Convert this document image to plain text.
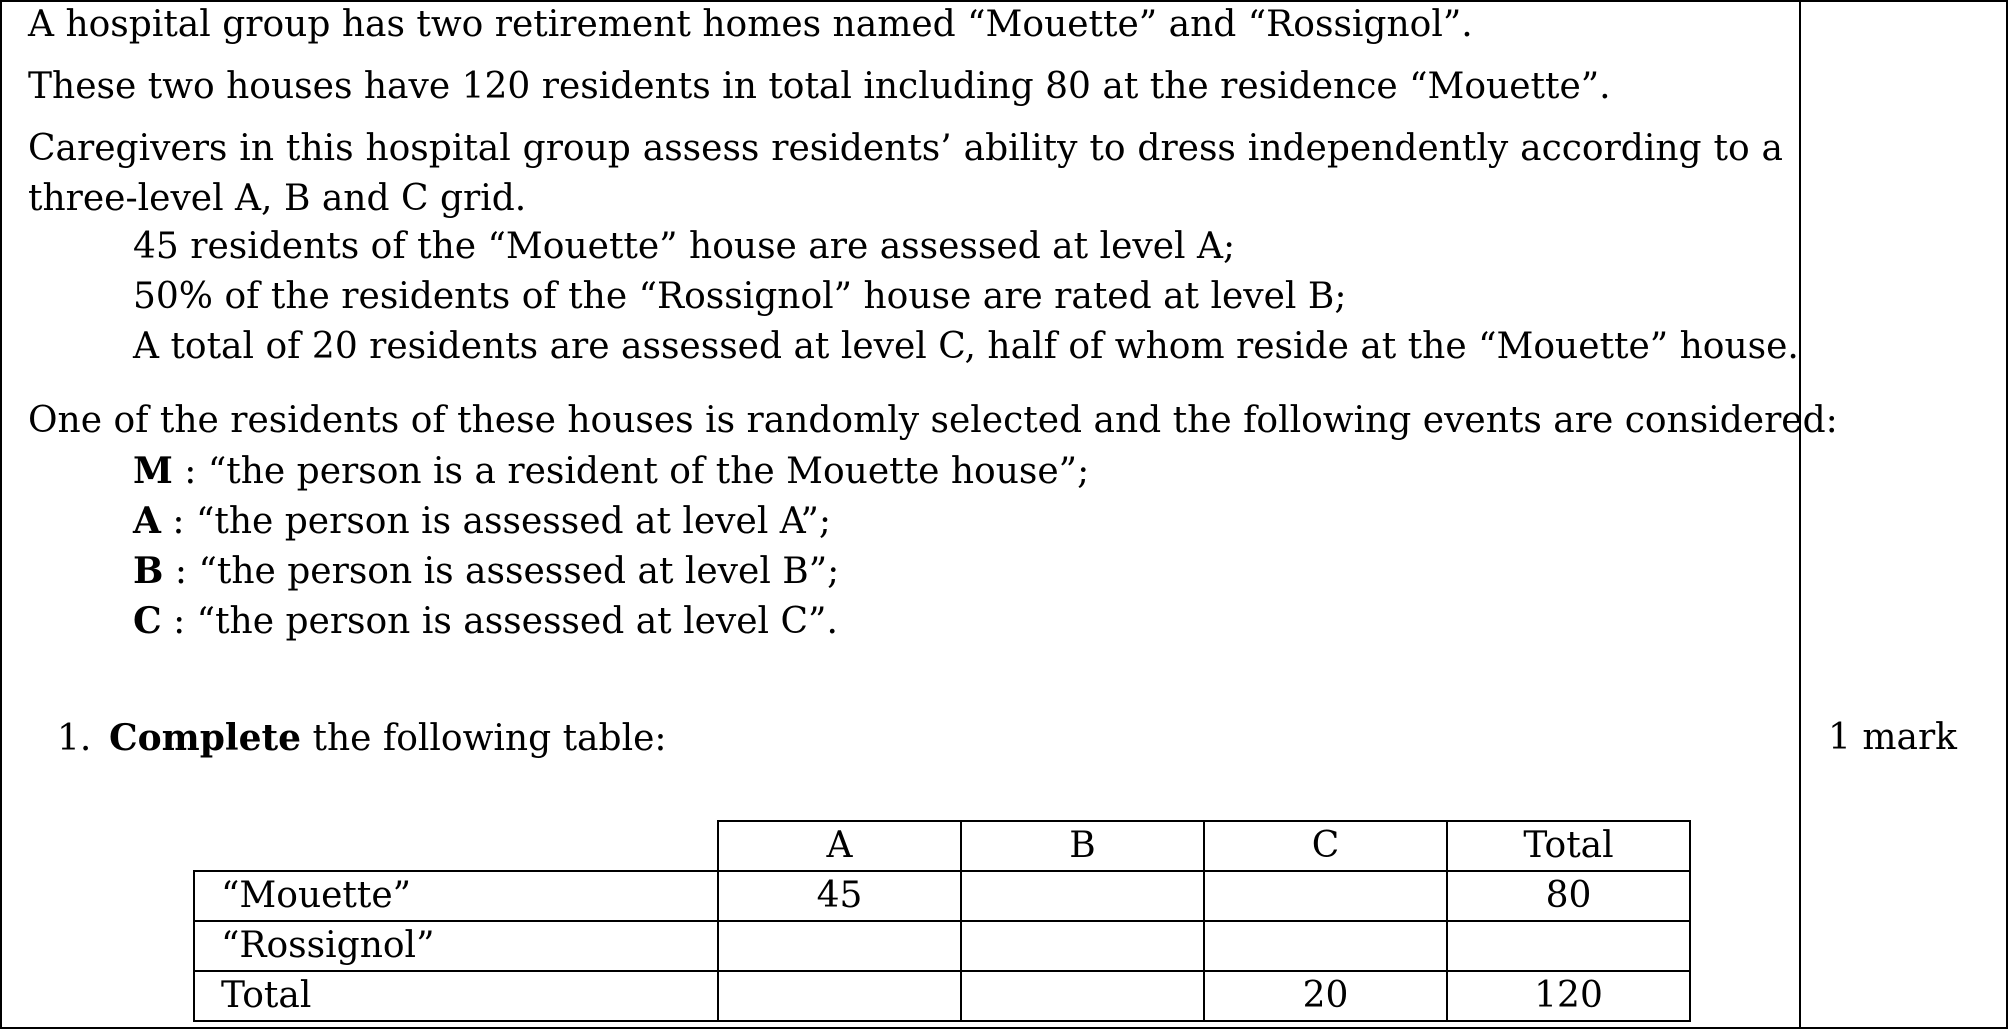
A hospital group has two retirement homes named “Mouette” and “Rossignol”.

These two houses have 120 residents in total including 80 at the residence “Mouette”.

Caregivers in this hospital group assess residents’ ability to dress independently according to a three-level A, B and C grid.

45 residents of the “Mouette” house are assessed at level A;
50% of the residents of the “Rossignol” house are rated at level B;
A total of 20 residents are assessed at level C, half of whom reside at the “Mouette” house.

One of the residents of these houses is randomly selected and the following events are considered:

M : “the person is a resident of the Mouette house”;
A : “the person is assessed at level A”;
B : “the person is assessed at level B”;
C : “the person is assessed at level C”.
1. Complete the following table:	1 mark
	A	B	C	Total
“Mouette”	45			80
“Rossignol”				
Total			20	120
